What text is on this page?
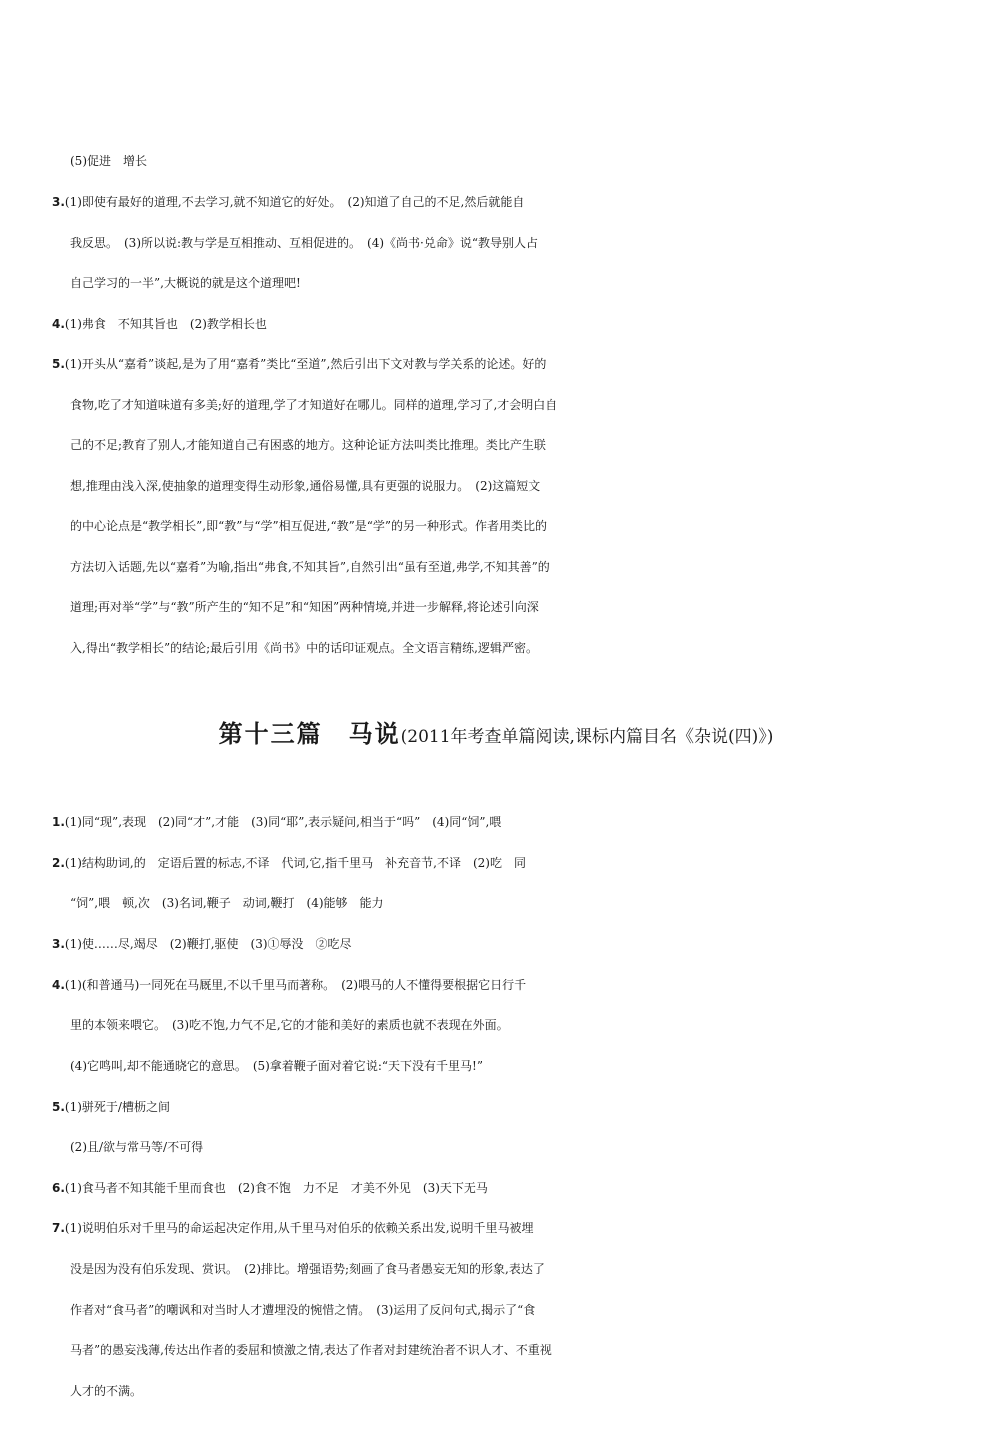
(5)促进　增长
3.(1)即使有最好的道理,不去学习,就不知道它的好处。　(2)知道了自己的不足,然后就能自
我反思。　(3)所以说:教与学是互相推动、互相促进的。　(4)《尚书·兑命》说“教导别人占
自己学习的一半”,大概说的就是这个道理吧!
4.(1)弗食　不知其旨也　(2)教学相长也
5.(1)开头从“嘉肴”谈起,是为了用“嘉肴”类比“至道”,然后引出下文对教与学关系的论述。好的
食物,吃了才知道味道有多美;好的道理,学了才知道好在哪儿。同样的道理,学习了,才会明白自
己的不足;教育了别人,才能知道自己有困惑的地方。这种论证方法叫类比推理。类比产生联
想,推理由浅入深,使抽象的道理变得生动形象,通俗易懂,具有更强的说服力。　(2)这篇短文
的中心论点是“教学相长”,即“教”与“学”相互促进,“教”是“学”的另一种形式。作者用类比的
方法切入话题,先以“嘉肴”为喻,指出“弗食,不知其旨”,自然引出“虽有至道,弗学,不知其善”的
道理;再对举“学”与“教”所产生的“知不足”和“知困”两种情境,并进一步解释,将论述引向深
入,得出“教学相长”的结论;最后引用《尚书》中的话印证观点。全文语言精练,逻辑严密。
第十三篇　马说(2011年考查单篇阅读,课标内篇目名《杂说(四)》)
1.(1)同“现”,表现　(2)同“才”,才能　(3)同“耶”,表示疑问,相当于“吗”　(4)同“饲”,喂
2.(1)结构助词,的　定语后置的标志,不译　代词,它,指千里马　补充音节,不译　(2)吃　同
“饲”,喂　顿,次　(3)名词,鞭子　动词,鞭打　(4)能够　能力
3.(1)使……尽,竭尽　(2)鞭打,驱使　(3)①辱没　②吃尽
4.(1)(和普通马)一同死在马厩里,不以千里马而著称。　(2)喂马的人不懂得要根据它日行千
里的本领来喂它。　(3)吃不饱,力气不足,它的才能和美好的素质也就不表现在外面。
(4)它鸣叫,却不能通晓它的意思。　(5)拿着鞭子面对着它说:“天下没有千里马!”
5.(1)骈死于/槽枥之间
(2)且/欲与常马等/不可得
6.(1)食马者不知其能千里而食也　(2)食不饱　力不足　才美不外见　(3)天下无马
7.(1)说明伯乐对千里马的命运起决定作用,从千里马对伯乐的依赖关系出发,说明千里马被埋
没是因为没有伯乐发现、赏识。　(2)排比。增强语势;刻画了食马者愚妄无知的形象,表达了
作者对“食马者”的嘲讽和对当时人才遭埋没的惋惜之情。　(3)运用了反问句式,揭示了“食
马者”的愚妄浅薄,传达出作者的委屈和愤激之情,表达了作者对封建统治者不识人才、不重视
人才的不满。
